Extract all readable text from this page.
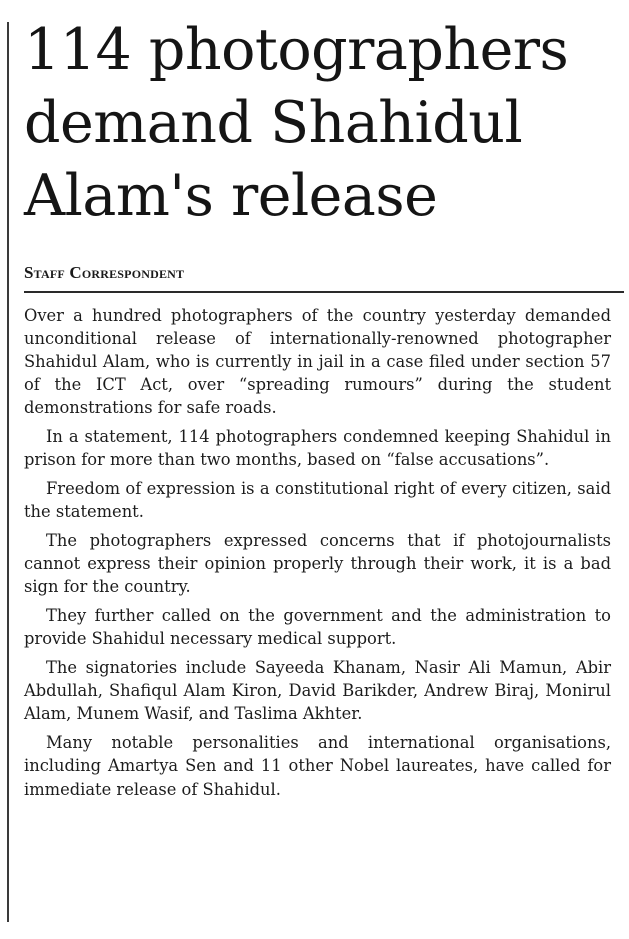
114 photographers demand Shahidul Alam's release
Staff Correspondent

Over a hundred photographers of the country yesterday demanded unconditional release of internationally-renowned photographer Shahidul Alam, who is currently in jail in a case filed under section 57 of the ICT Act, over “spreading rumours” during the student demonstrations for safe roads.

In a statement, 114 photographers condemned keeping Shahidul in prison for more than two months, based on “false accusations”.

Freedom of expression is a constitutional right of every citizen, said the statement.

The photographers expressed concerns that if photojournalists cannot express their opinion properly through their work, it is a bad sign for the country.

They further called on the government and the administration to provide Shahidul necessary medical support.

The signatories include Sayeeda Khanam, Nasir Ali Mamun, Abir Abdullah, Shafiqul Alam Kiron, David Barikder, Andrew Biraj, Monirul Alam, Munem Wasif, and Taslima Akhter.

Many notable personalities and international organisations, including Amartya Sen and 11 other Nobel laureates, have called for immediate release of Shahidul.
